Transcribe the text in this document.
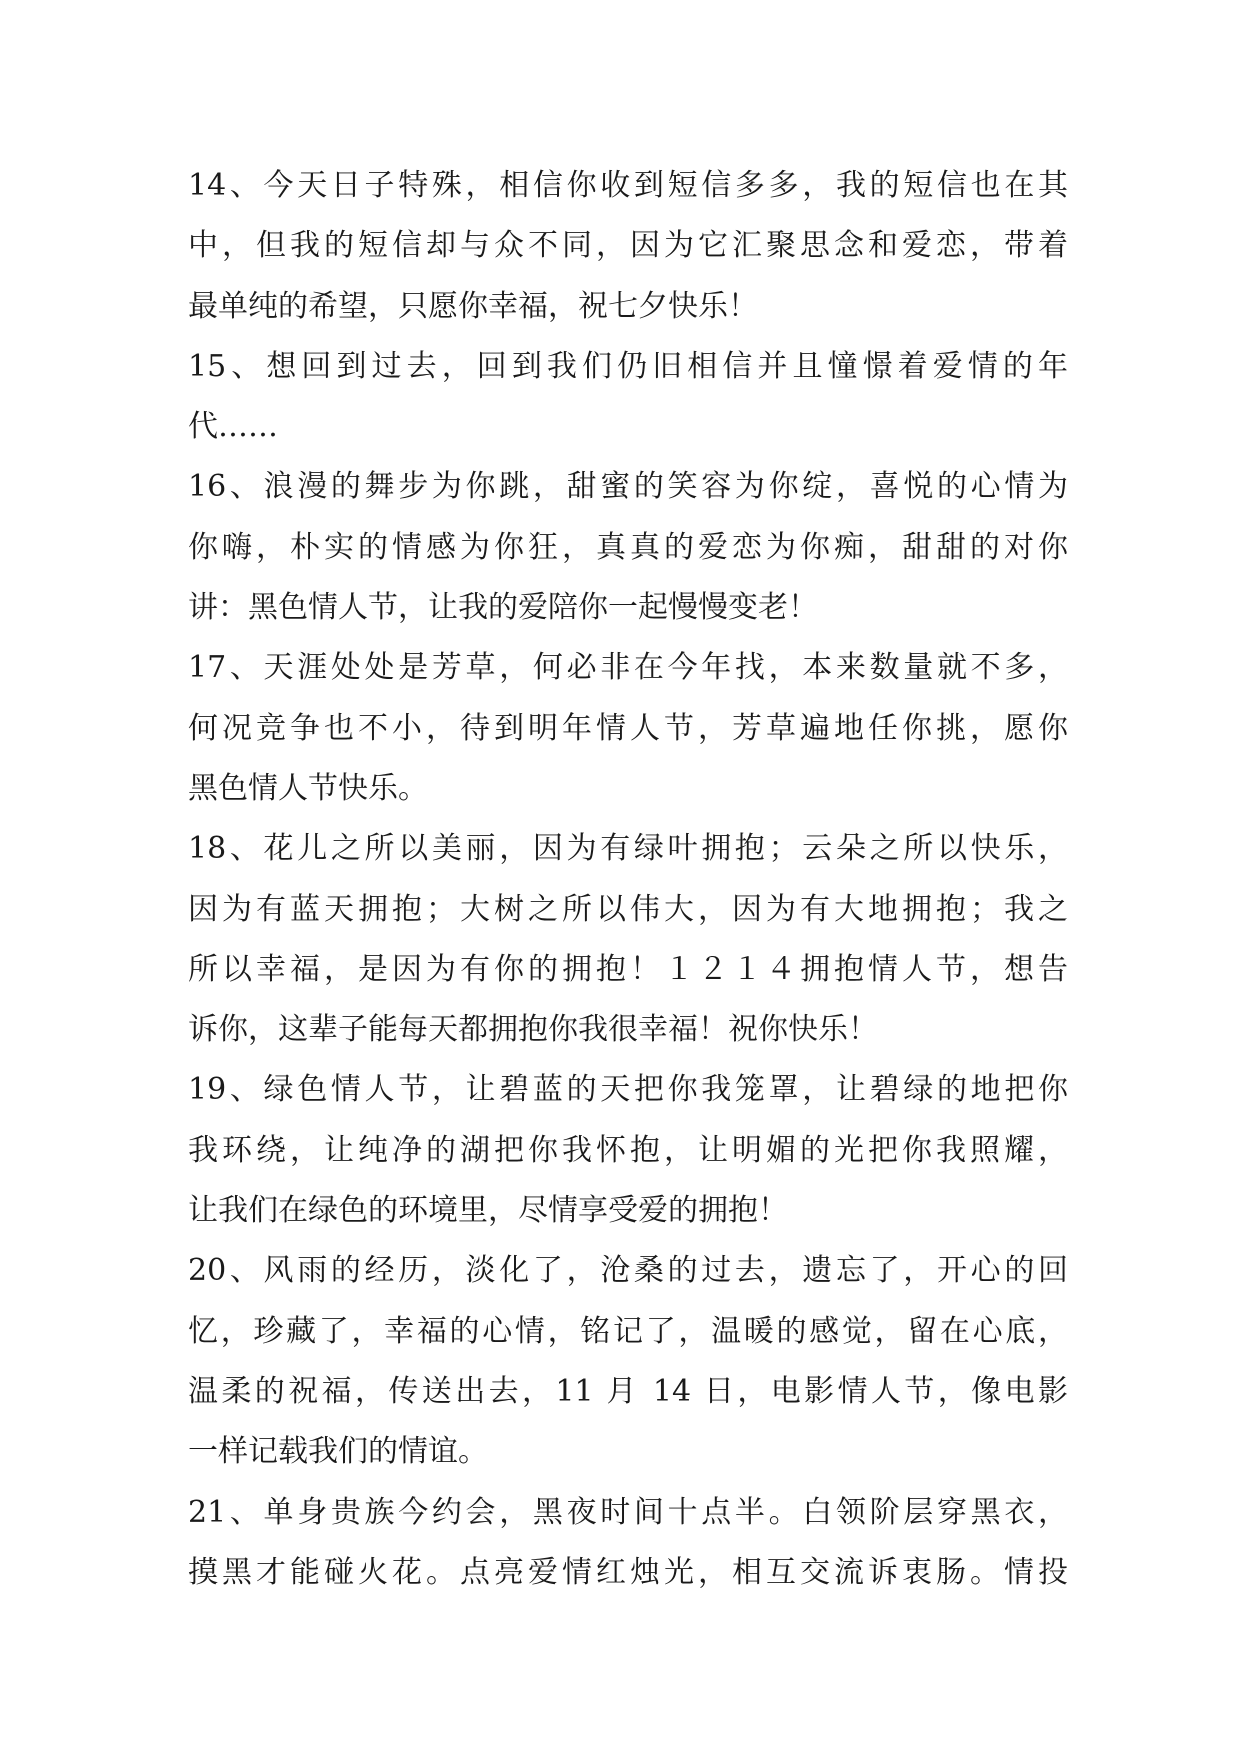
14、今天日子特殊，相信你收到短信多多，我的短信也在其
中，但我的短信却与众不同，因为它汇聚思念和爱恋，带着
最单纯的希望，只愿你幸福，祝七夕快乐！
15、想回到过去，回到我们仍旧相信并且憧憬着爱情的年
代……
16、浪漫的舞步为你跳，甜蜜的笑容为你绽，喜悦的心情为
你嗨，朴实的情感为你狂，真真的爱恋为你痴，甜甜的对你
讲：黑色情人节，让我的爱陪你一起慢慢变老！
17、天涯处处是芳草，何必非在今年找，本来数量就不多，
何况竞争也不小，待到明年情人节，芳草遍地任你挑，愿你
黑色情人节快乐。
18、花儿之所以美丽，因为有绿叶拥抱；云朵之所以快乐，
因为有蓝天拥抱；大树之所以伟大，因为有大地拥抱；我之
所以幸福，是因为有你的拥抱！１２１４拥抱情人节，想告
诉你，这辈子能每天都拥抱你我很幸福！祝你快乐！
19、绿色情人节，让碧蓝的天把你我笼罩，让碧绿的地把你
我环绕，让纯净的湖把你我怀抱，让明媚的光把你我照耀，
让我们在绿色的环境里，尽情享受爱的拥抱！
20、风雨的经历，淡化了，沧桑的过去，遗忘了，开心的回
忆，珍藏了，幸福的心情，铭记了，温暖的感觉，留在心底，
温柔的祝福，传送出去，11 月 14 日，电影情人节，像电影
一样记载我们的情谊。
21、单身贵族今约会，黑夜时间十点半。白领阶层穿黑衣，
摸黑才能碰火花。点亮爱情红烛光，相互交流诉衷肠。情投
